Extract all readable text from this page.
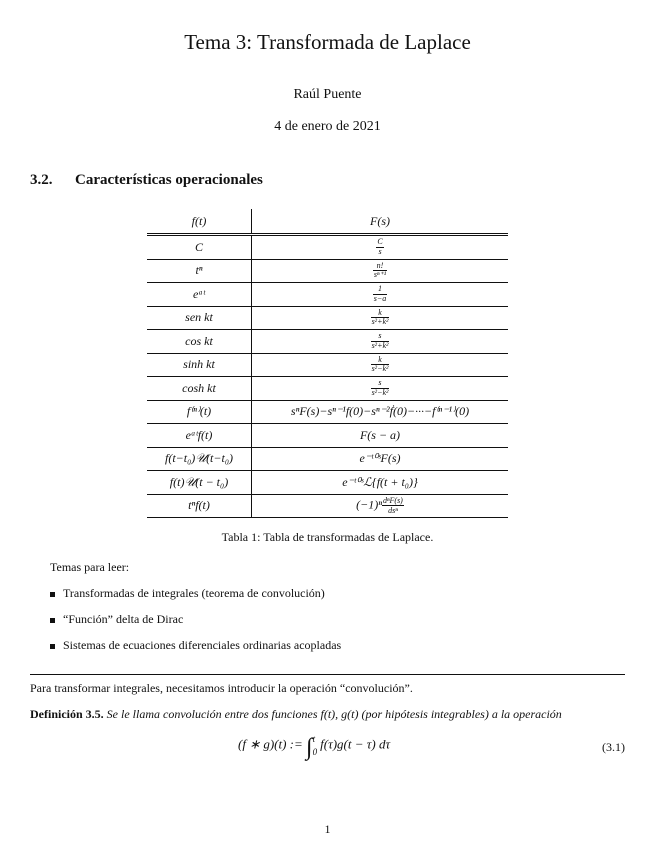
Tema 3: Transformada de Laplace
Raúl Puente
4 de enero de 2021
3.2. Características operacionales
f(t)	F(s)
C	$\frac{C}{s}$

tⁿ	$\frac{n!}{\text{sⁿ⁺¹}}$

eᵃᵗ	$\frac{1}{s-a}$

sen kt	$\frac{k}{\text{s²+k²}}$

cos kt	$\frac{s}{\text{s²+k²}}$

sinh kt	$\frac{k}{\text{s²−k²}}$

cosh kt	$\frac{s}{\text{s²−k²}}$

f⁽ⁿ⁾(t)	sⁿF(s)−sⁿ⁻¹f(0)−sⁿ⁻²ḟ(0)−···−f⁽ⁿ⁻¹⁾(0)
eᵃᵗf(t)	F(s − a)
f(t−t₀)𝒰(t−t₀)	e⁻ᵗ⁰ˢF(s)
f(t)𝒰(t − t₀)	e⁻ᵗ⁰ˢℒ{f(t + t₀)}
tⁿf(t)	$(-1)^n \frac{\text{dⁿF(s)}}{\text{dsⁿ}}$
Tabla 1: Tabla de transformadas de Laplace.
Temas para leer:
Transformadas de integrales (teorema de convolución)
“Función” delta de Dirac
Sistemas de ecuaciones diferenciales ordinarias acopladas
Para transformar integrales, necesitamos introducir la operación “convolución”.
Definición 3.5. Se le llama convolución entre dos funciones f(t), g(t) (por hipótesis integrables) a la operación
(f ∗ g)(t) := ∫ t
0
f(τ)g(t − τ) dτ	(3.1)
1
